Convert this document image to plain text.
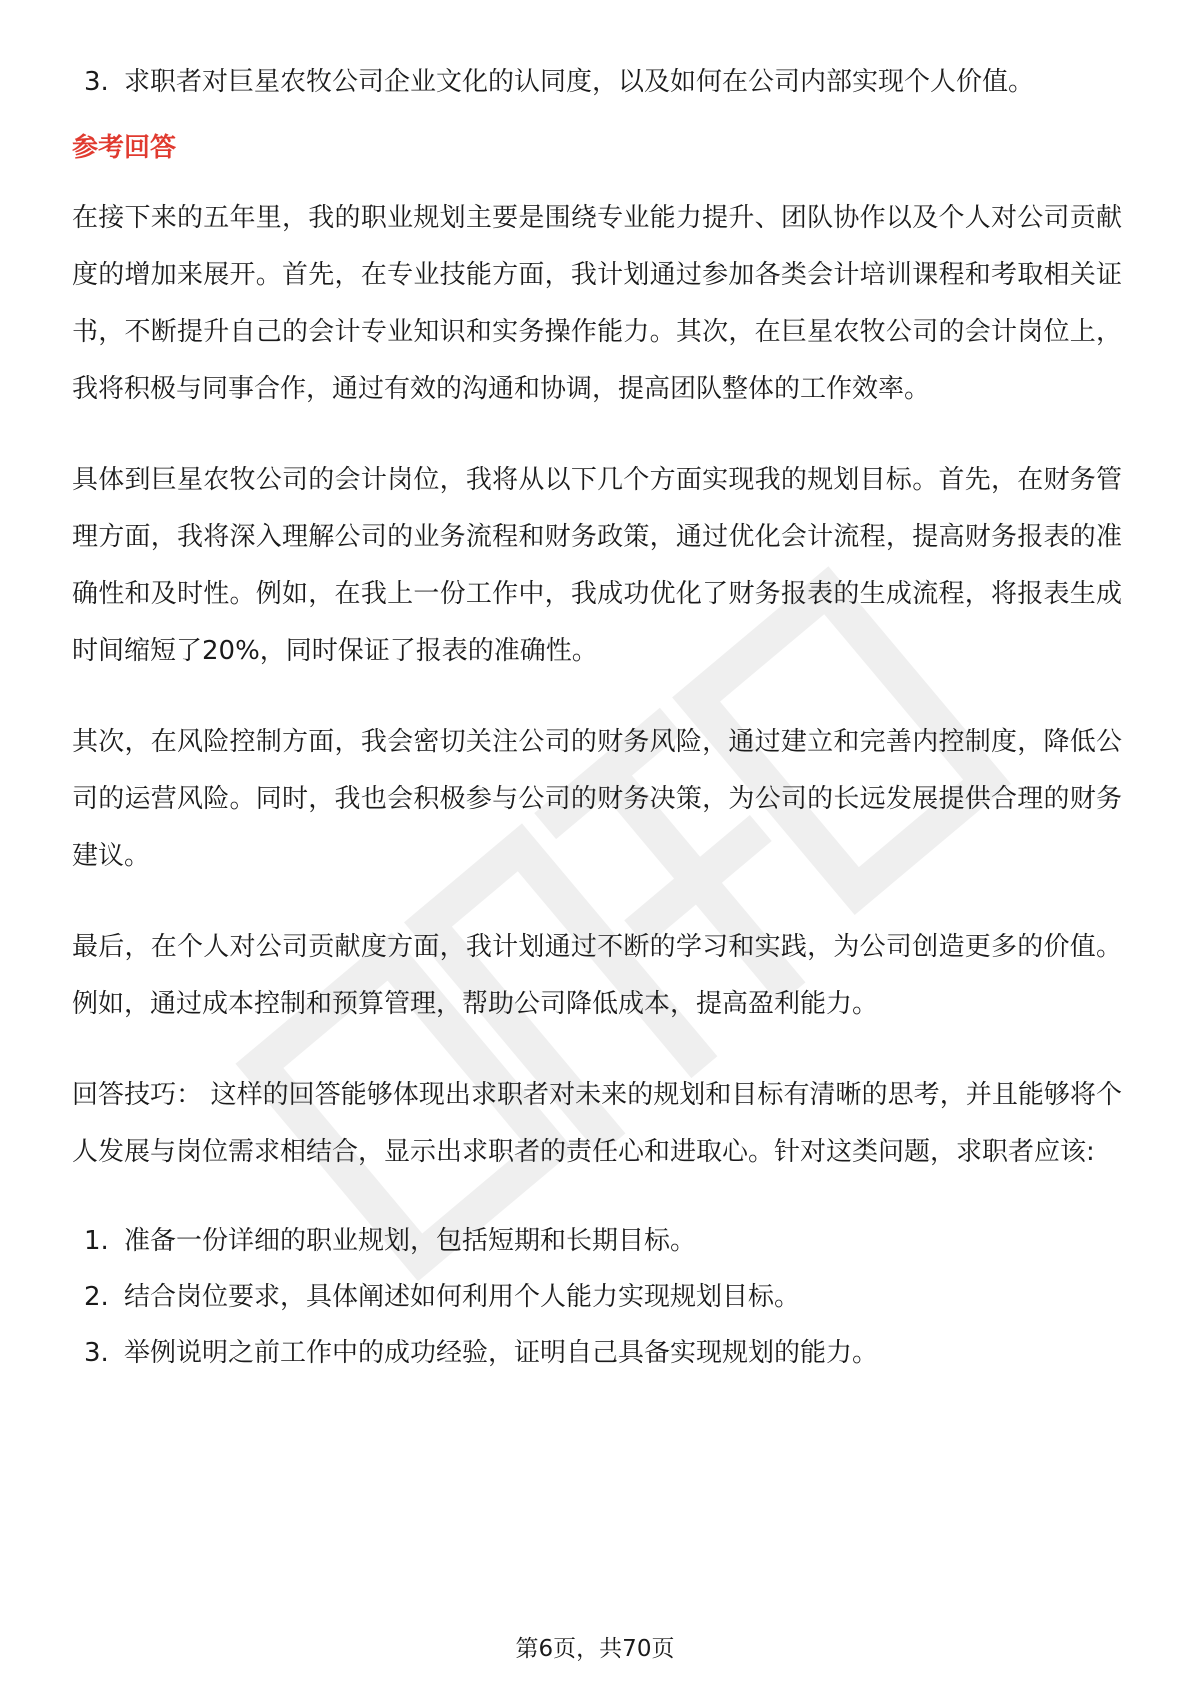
3. 求职者对巨星农牧公司企业文化的认同度，以及如何在公司内部实现个人价值。
参考回答

在接下来的五年里，我的职业规划主要是围绕专业能力提升、团队协作以及个人对公司贡献度的增加来展开。首先，在专业技能方面，我计划通过参加各类会计培训课程和考取相关证书，不断提升自己的会计专业知识和实务操作能力。其次，在巨星农牧公司的会计岗位上，我将积极与同事合作，通过有效的沟通和协调，提高团队整体的工作效率。

具体到巨星农牧公司的会计岗位，我将从以下几个方面实现我的规划目标。首先，在财务管理方面，我将深入理解公司的业务流程和财务政策，通过优化会计流程，提高财务报表的准确性和及时性。例如，在我上一份工作中，我成功优化了财务报表的生成流程，将报表生成时间缩短了20%，同时保证了报表的准确性。

其次，在风险控制方面，我会密切关注公司的财务风险，通过建立和完善内控制度，降低公司的运营风险。同时，我也会积极参与公司的财务决策，为公司的长远发展提供合理的财务建议。

最后，在个人对公司贡献度方面，我计划通过不断的学习和实践，为公司创造更多的价值。例如，通过成本控制和预算管理，帮助公司降低成本，提高盈利能力。

回答技巧： 这样的回答能够体现出求职者对未来的规划和目标有清晰的思考，并且能够将个人发展与岗位需求相结合，显示出求职者的责任心和进取心。针对这类问题，求职者应该:

1. 准备一份详细的职业规划，包括短期和长期目标。
2. 结合岗位要求，具体阐述如何利用个人能力实现规划目标。
3. 举例说明之前工作中的成功经验，证明自己具备实现规划的能力。
第6页，共70页
